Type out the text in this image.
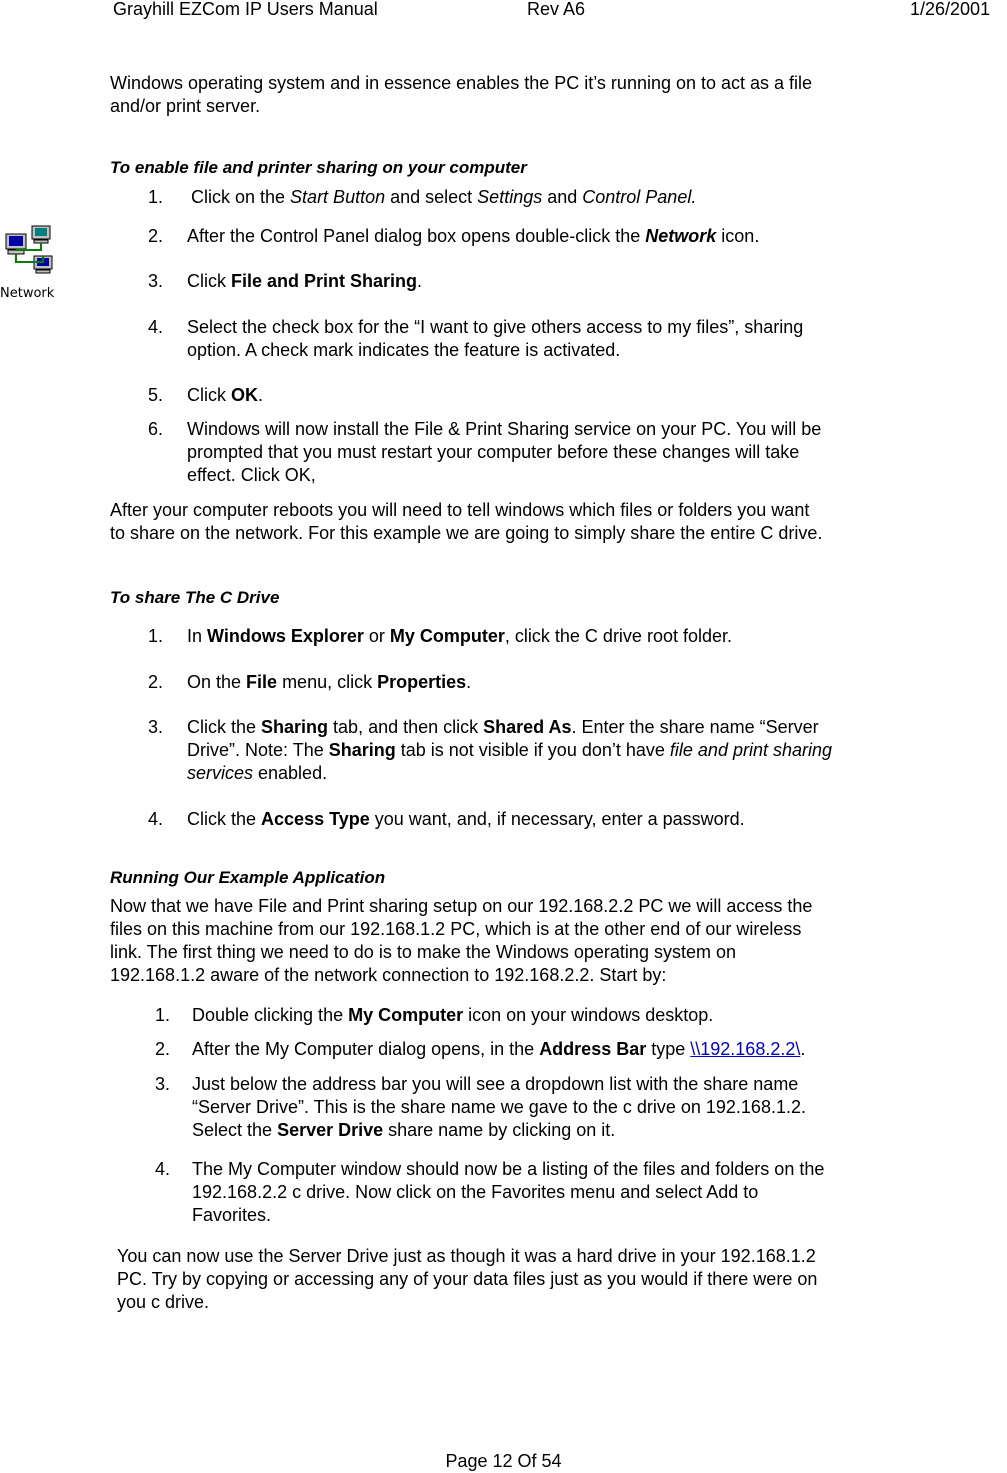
Grayhill EZCom IP Users Manual	Rev A6	1/26/2001
Windows operating system and in essence enables the PC it’s running on to act as a file
and/or print server.
To enable file and printer sharing on your computer
Network
1. Click on the Start Button and select Settings and Control Panel.
2. After the Control Panel dialog box opens double-click the Network icon.
3. Click File and Print Sharing.
4. Select the check box for the “I want to give others access to my files”, sharing
option. A check mark indicates the feature is activated.
5. Click OK.
6. Windows will now install the File & Print Sharing service on your PC. You will be
prompted that you must restart your computer before these changes will take
effect. Click OK,
After your computer reboots you will need to tell windows which files or folders you want
to share on the network. For this example we are going to simply share the entire C drive.
To share The C Drive
1. In Windows Explorer or My Computer, click the C drive root folder.
2. On the File menu, click Properties.
3. Click the Sharing tab, and then click Shared As. Enter the share name “Server
Drive”. Note: The Sharing tab is not visible if you don’t have file and print sharing
services enabled.
4. Click the Access Type you want, and, if necessary, enter a password.
Running Our Example Application
Now that we have File and Print sharing setup on our 192.168.2.2 PC we will access the
files on this machine from our 192.168.1.2 PC, which is at the other end of our wireless
link. The first thing we need to do is to make the Windows operating system on
192.168.1.2 aware of the network connection to 192.168.2.2. Start by:
1. Double clicking the My Computer icon on your windows desktop.
2. After the My Computer dialog opens, in the Address Bar type \\192.168.2.2\.
3. Just below the address bar you will see a dropdown list with the share name
“Server Drive”. This is the share name we gave to the c drive on 192.168.1.2.
Select the Server Drive share name by clicking on it.
4. The My Computer window should now be a listing of the files and folders on the
192.168.2.2 c drive. Now click on the Favorites menu and select Add to
Favorites.
You can now use the Server Drive just as though it was a hard drive in your 192.168.1.2
PC. Try by copying or accessing any of your data files just as you would if there were on
you c drive.
Page 12 Of 54
